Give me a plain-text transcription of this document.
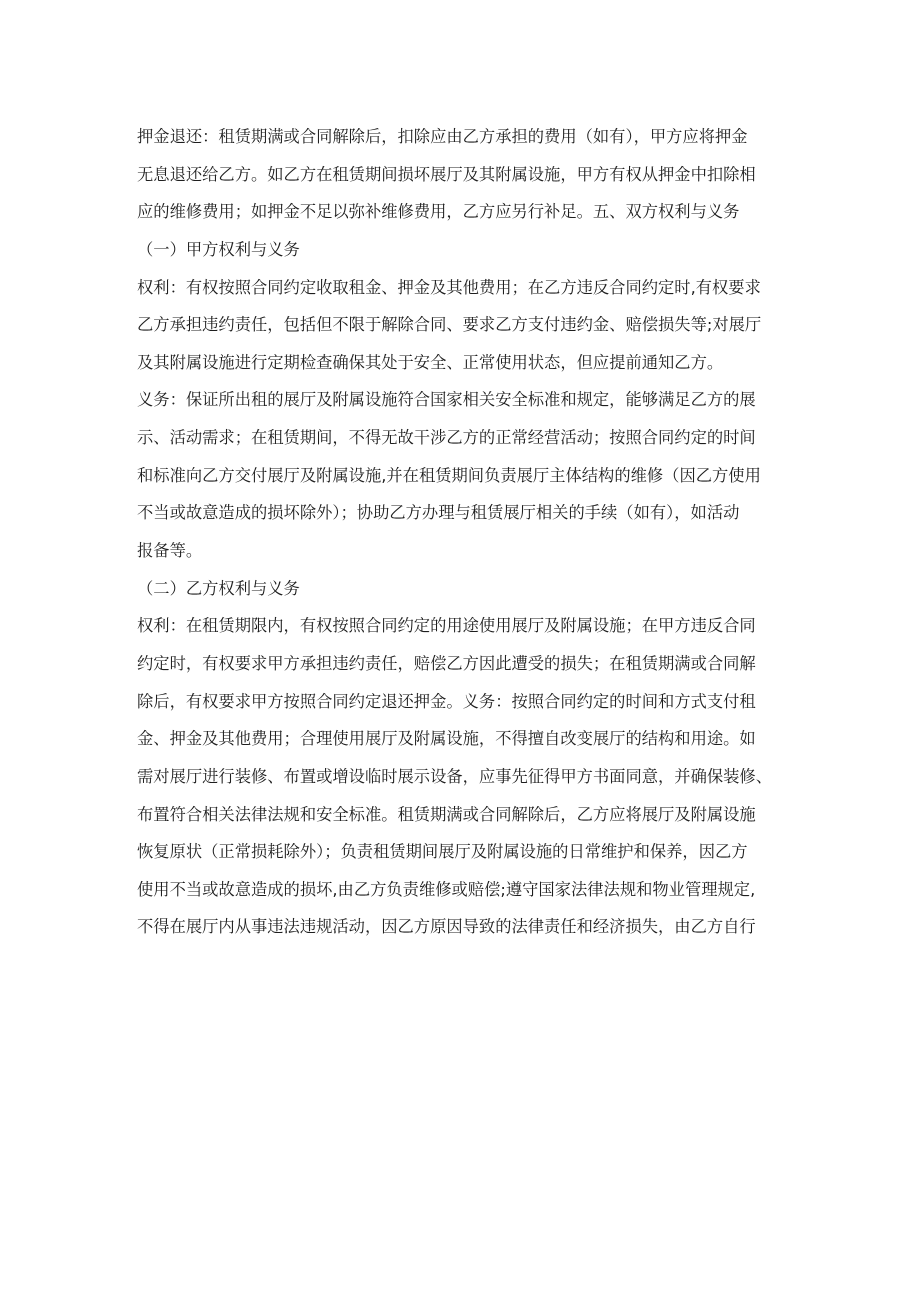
押金退还：租赁期满或合同解除后，扣除应由乙方承担的费用（如有），甲方应将押金

无息退还给乙方。如乙方在租赁期间损坏展厅及其附属设施，甲方有权从押金中扣除相

应的维修费用；如押金不足以弥补维修费用，乙方应另行补足。五、双方权利与义务

（一）甲方权利与义务

权利：有权按照合同约定收取租金、押金及其他费用；在乙方违反合同约定时,有权要求

乙方承担违约责任，包括但不限于解除合同、要求乙方支付违约金、赔偿损失等;对展厅

及其附属设施进行定期检查确保其处于安全、正常使用状态，但应提前通知乙方。

义务：保证所出租的展厅及附属设施符合国家相关安全标准和规定，能够满足乙方的展

示、活动需求；在租赁期间，不得无故干涉乙方的正常经营活动；按照合同约定的时间

和标准向乙方交付展厅及附属设施,并在租赁期间负责展厅主体结构的维修（因乙方使用

不当或故意造成的损坏除外）；协助乙方办理与租赁展厅相关的手续（如有），如活动

报备等。

（二）乙方权利与义务

权利：在租赁期限内，有权按照合同约定的用途使用展厅及附属设施；在甲方违反合同

约定时，有权要求甲方承担违约责任，赔偿乙方因此遭受的损失；在租赁期满或合同解

除后，有权要求甲方按照合同约定退还押金。义务：按照合同约定的时间和方式支付租

金、押金及其他费用；合理使用展厅及附属设施，不得擅自改变展厅的结构和用途。如

需对展厅进行装修、布置或增设临时展示设备，应事先征得甲方书面同意，并确保装修、

布置符合相关法律法规和安全标准。租赁期满或合同解除后，乙方应将展厅及附属设施

恢复原状（正常损耗除外）；负责租赁期间展厅及附属设施的日常维护和保养，因乙方

使用不当或故意造成的损坏,由乙方负责维修或赔偿;遵守国家法律法规和物业管理规定,

不得在展厅内从事违法违规活动，因乙方原因导致的法律责任和经济损失，由乙方自行
